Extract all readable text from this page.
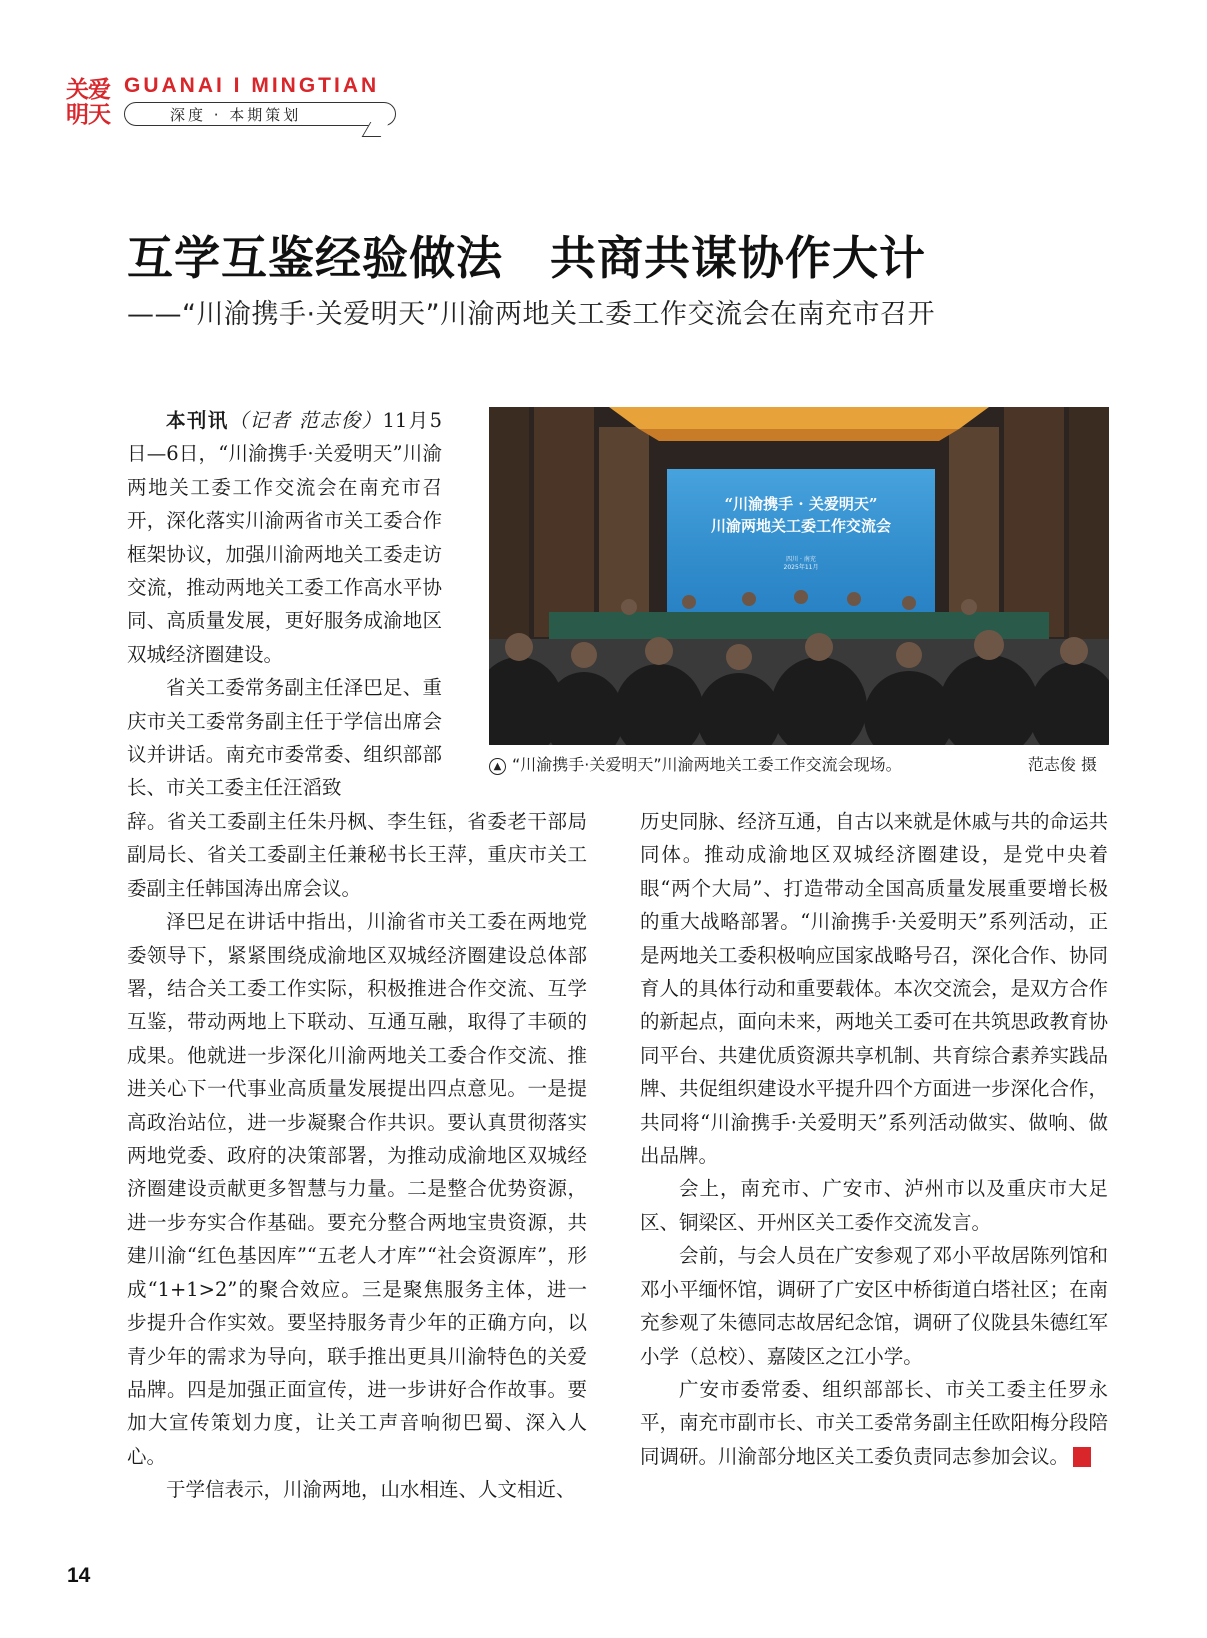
关爱明天
GUANAI I MINGTIAN
深度 · 本期策划
互学互鉴经验做法　共商共谋协作大计
——“川渝携手·关爱明天”川渝两地关工委工作交流会在南充市召开
“川渝携手 · 关爱明天”
川渝两地关工委工作交流会
四川 · 南充
2025年11月
▲ “川渝携手·关爱明天”川渝两地关工委工作交流会现场。	范志俊 摄

本刊讯（记者 范志俊）11月5日—6日，“川渝携手·关爱明天”川渝两地关工委工作交流会在南充市召开，深化落实川渝两省市关工委合作框架协议，加强川渝两地关工委走访交流，推动两地关工委工作高水平协同、高质量发展，更好服务成渝地区双城经济圈建设。

省关工委常务副主任泽巴足、重庆市关工委常务副主任于学信出席会议并讲话。南充市委常委、组织部部长、市关工委主任汪滔致

辞。省关工委副主任朱丹枫、李生钰，省委老干部局副局长、省关工委副主任兼秘书长王萍，重庆市关工委副主任韩国涛出席会议。

泽巴足在讲话中指出，川渝省市关工委在两地党委领导下，紧紧围绕成渝地区双城经济圈建设总体部署，结合关工委工作实际，积极推进合作交流、互学互鉴，带动两地上下联动、互通互融，取得了丰硕的成果。他就进一步深化川渝两地关工委合作交流、推进关心下一代事业高质量发展提出四点意见。一是提高政治站位，进一步凝聚合作共识。要认真贯彻落实两地党委、政府的决策部署，为推动成渝地区双城经济圈建设贡献更多智慧与力量。二是整合优势资源，进一步夯实合作基础。要充分整合两地宝贵资源，共建川渝“红色基因库”“五老人才库”“社会资源库”，形成“1+1>2”的聚合效应。三是聚焦服务主体，进一步提升合作实效。要坚持服务青少年的正确方向，以青少年的需求为导向，联手推出更具川渝特色的关爱品牌。四是加强正面宣传，进一步讲好合作故事。要加大宣传策划力度，让关工声音响彻巴蜀、深入人心。

于学信表示，川渝两地，山水相连、人文相近、

历史同脉、经济互通，自古以来就是休戚与共的命运共同体。推动成渝地区双城经济圈建设，是党中央着眼“两个大局”、打造带动全国高质量发展重要增长极的重大战略部署。“川渝携手·关爱明天”系列活动，正是两地关工委积极响应国家战略号召，深化合作、协同育人的具体行动和重要载体。本次交流会，是双方合作的新起点，面向未来，两地关工委可在共筑思政教育协同平台、共建优质资源共享机制、共育综合素养实践品牌、共促组织建设水平提升四个方面进一步深化合作，共同将“川渝携手·关爱明天”系列活动做实、做响、做出品牌。

会上，南充市、广安市、泸州市以及重庆市大足区、铜梁区、开州区关工委作交流发言。

会前，与会人员在广安参观了邓小平故居陈列馆和邓小平缅怀馆，调研了广安区中桥街道白塔社区；在南充参观了朱德同志故居纪念馆，调研了仪陇县朱德红军小学（总校）、嘉陵区之江小学。

广安市委常委、组织部部长、市关工委主任罗永平，南充市副市长、市关工委常务副主任欧阳梅分段陪同调研。川渝部分地区关工委负责同志参加会议。	关

14
